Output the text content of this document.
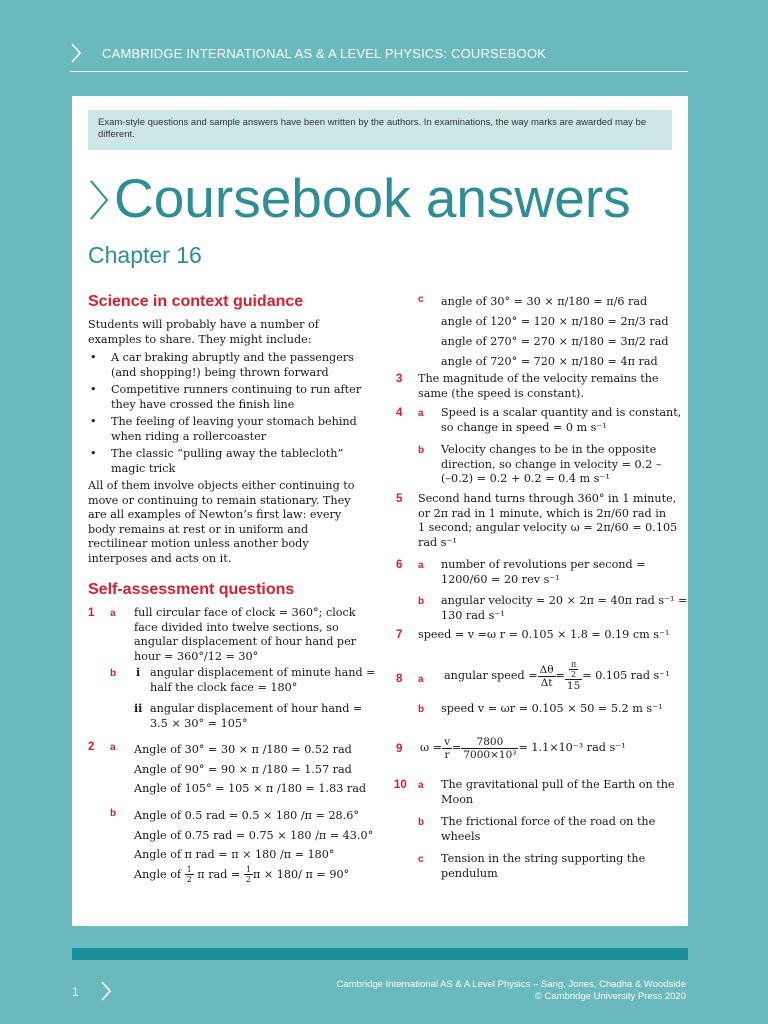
CAMBRIDGE INTERNATIONAL AS & A LEVEL PHYSICS: COURSEBOOK
Exam-style questions and sample answers have been written by the authors. In examinations, the way marks are awarded may be different.
Coursebook answers
Chapter 16
Science in context guidance

Students will probably have a number of examples to share. They might include:

• A car braking abruptly and the passengers (and shopping!) being thrown forward
• Competitive runners continuing to run after they have crossed the finish line
• The feeling of leaving your stomach behind when riding a rollercoaster
• The classic “pulling away the tablecloth” magic trick

All of them involve objects either continuing to move or continuing to remain stationary. They are all examples of Newton’s first law: every body remains at rest or in uniform and rectilinear motion unless another body interposes and acts on it.

Self-assessment questions
1 a full circular face of clock = 360°; clock
face divided into twelve sections, so
angular displacement of hour hand per
hour = 360°/12 = 30°
b i angular displacement of minute hand =
half the clock face = 180°
ii angular displacement of hour hand =
3.5 × 30° = 105°
2 a Angle of 30° = 30 × π /180 = 0.52 rad
Angle of 90° = 90 × π /180 = 1.57 rad
Angle of 105° = 105 × π /180 = 1.83 rad
b Angle of 0.5 rad = 0.5 × 180 /π = 28.6°
Angle of 0.75 rad = 0.75 × 180 /π = 43.0°
Angle of π rad = π × 180 /π = 180°
Angle of $\frac{1}{2}$ π rad = $\frac{1}{2}$ π × 180/ π = 90°
c angle of 30° = 30 × π/180 = π/6 rad
angle of 120° = 120 × π/180 = 2π/3 rad
angle of 270° = 270 × π/180 = 3π/2 rad
angle of 720° = 720 × π/180 = 4π rad
3 The magnitude of the velocity remains the
same (the speed is constant).
4 a Speed is a scalar quantity and is constant,
so change in speed = 0 m s⁻¹
b Velocity changes to be in the opposite
direction, so change in velocity = 0.2 –
(–0.2) = 0.2 + 0.2 = 0.4 m s⁻¹
5 Second hand turns through 360° in 1 minute,
or 2π rad in 1 minute, which is 2π/60 rad in
1 second; angular velocity ω = 2π/60 = 0.105
rad s⁻¹
6 a number of revolutions per second =
1200/60 = 20 rev s⁻¹
b angular velocity = 20 × 2π = 40π rad s⁻¹ =
130 rad s⁻¹
7 speed = v =ω r = 0.105 × 1.8 = 0.19 cm s⁻¹
8 a angular speed = $\frac{\Delta\theta}{\Delta t} = \frac{\frac{\pi}{2}}{15} = 0.105$ rad s⁻¹
b speed v = ωr = 0.105 × 50 = 5.2 m s⁻¹
9 $\omega = \frac{v}{r} = \frac{7800}{\text{7000×10³}} = 1.1\times 10^{-3}$ rad s⁻¹
10 a The gravitational pull of the Earth on the
Moon
b The frictional force of the road on the
wheels
c Tension in the string supporting the
pendulum
1
Cambridge International AS & A Level Physics – Sang, Jones, Chadha & Woodside
© Cambridge University Press 2020
